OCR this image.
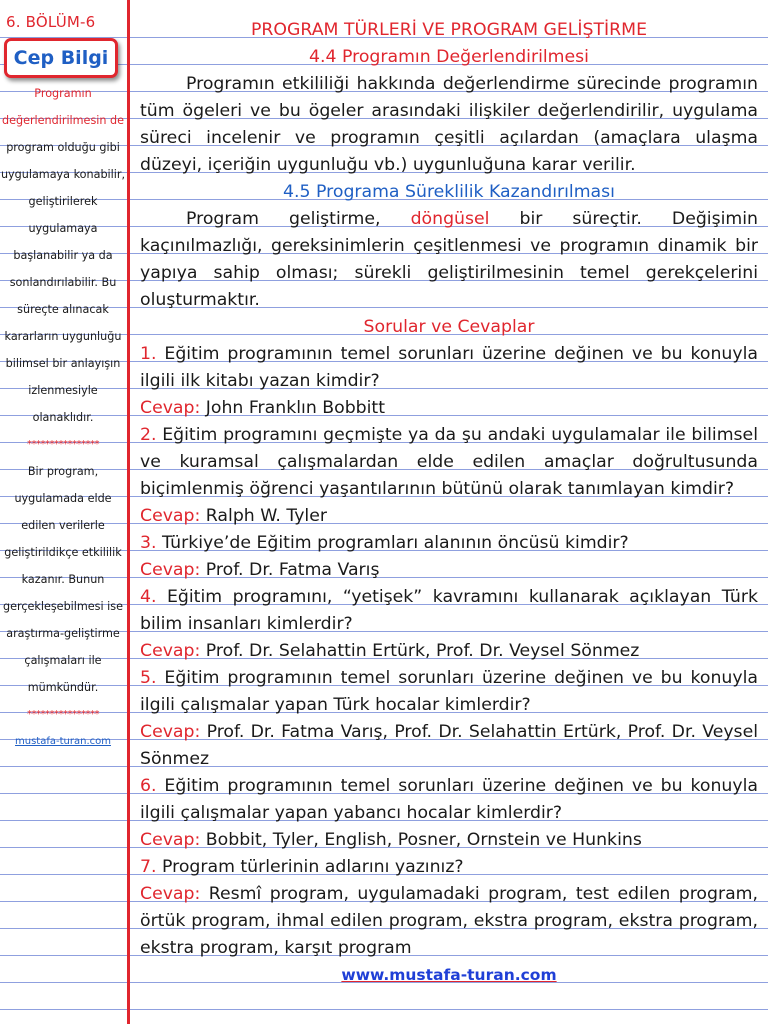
6. BÖLÜM-6
Cep Bilgi
Programın değerlendirilmesin de program olduğu gibi uygulamaya konabilir, geliştirilerek uygulamaya başlanabilir ya da sonlandırılabilir. Bu süreçte alınacak kararların uygunluğu bilimsel bir anlayışın izlenmesiyle olanaklıdır.
****************
Bir program, uygulamada elde edilen verilerle geliştirildikçe etkililik kazanır. Bunun gerçekleşebilmesi ise araştırma-geliştirme çalışmaları ile mümkündür.
****************
mustafa-turan.com

PROGRAM TÜRLERİ VE PROGRAM GELİŞTİRME

4.4 Programın Değerlendirilmesi

Programın etkililiği hakkında değerlendirme sürecinde programın tüm ögeleri ve bu ögeler arasındaki ilişkiler değerlendirilir, uygulama süreci incelenir ve programın çeşitli açılardan (amaçlara ulaşma düzeyi, içeriğin uygunluğu vb.) uygunluğuna karar verilir.

4.5 Programa Süreklilik Kazandırılması

Program geliştirme, döngüsel bir süreçtir. Değişimin kaçınılmazlığı, gereksinimlerin çeşitlenmesi ve programın dinamik bir yapıya sahip olması; sürekli geliştirilmesinin temel gerekçelerini oluşturmaktır.

Sorular ve Cevaplar

1. Eğitim programının temel sorunları üzerine değinen ve bu konuyla ilgili ilk kitabı yazan kimdir?

Cevap: John Franklın Bobbitt

2. Eğitim programını geçmişte ya da şu andaki uygulamalar ile bilimsel ve kuramsal çalışmalardan elde edilen amaçlar doğrultusunda biçimlenmiş öğrenci yaşantılarının bütünü olarak tanımlayan kimdir?

Cevap: Ralph W. Tyler

3. Türkiye’de Eğitim programları alanının öncüsü kimdir?

Cevap: Prof. Dr. Fatma Varış

4. Eğitim programını, “yetişek” kavramını kullanarak açıklayan Türk bilim insanları kimlerdir?

Cevap: Prof. Dr. Selahattin Ertürk, Prof. Dr. Veysel Sönmez

5. Eğitim programının temel sorunları üzerine değinen ve bu konuyla ilgili çalışmalar yapan Türk hocalar kimlerdir?

Cevap: Prof. Dr. Fatma Varış, Prof. Dr. Selahattin Ertürk, Prof. Dr. Veysel Sönmez

6. Eğitim programının temel sorunları üzerine değinen ve bu konuyla ilgili çalışmalar yapan yabancı hocalar kimlerdir?

Cevap: Bobbit, Tyler, English, Posner, Ornstein ve Hunkins

7. Program türlerinin adlarını yazınız?

Cevap: Resmî program, uygulamadaki program, test edilen program, örtük program, ihmal edilen program, ekstra program, ekstra program, ekstra program, karşıt program

www.mustafa-turan.com
